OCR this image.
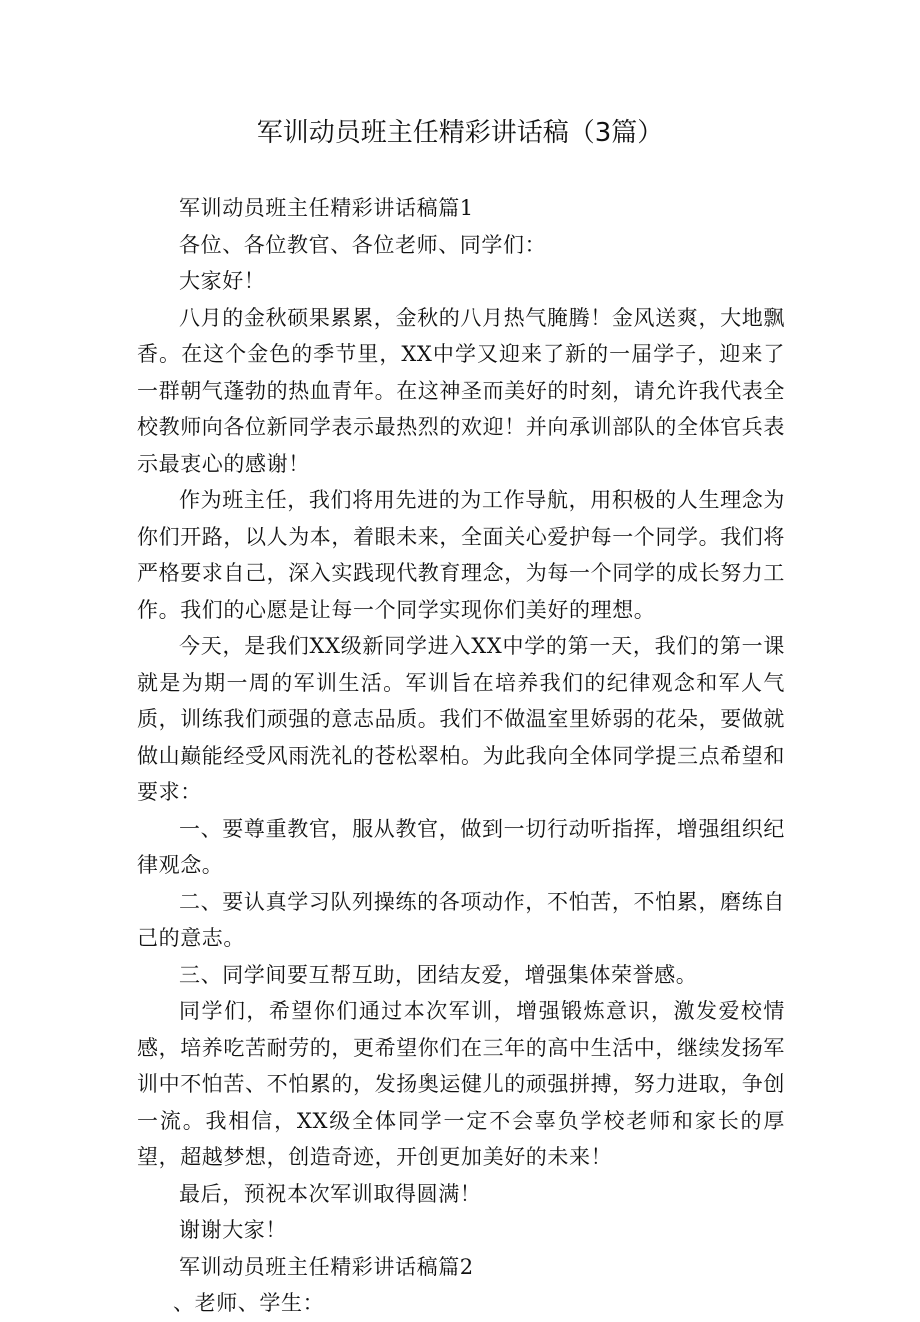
军训动员班主任精彩讲话稿（3篇）

军训动员班主任精彩讲话稿篇1

各位、各位教官、各位老师、同学们：

大家好！

八月的金秋硕果累累，金秋的八月热气腌腾！金风送爽，大地飘香。在这个金色的季节里，XX中学又迎来了新的一届学子，迎来了一群朝气蓬勃的热血青年。在这神圣而美好的时刻，请允许我代表全校教师向各位新同学表示最热烈的欢迎！并向承训部队的全体官兵表示最衷心的感谢！

作为班主任，我们将用先进的为工作导航，用积极的人生理念为你们开路，以人为本，着眼未来，全面关心爱护每一个同学。我们将严格要求自己，深入实践现代教育理念，为每一个同学的成长努力工作。我们的心愿是让每一个同学实现你们美好的理想。

今天，是我们XX级新同学进入XX中学的第一天，我们的第一课就是为期一周的军训生活。军训旨在培养我们的纪律观念和军人气质，训练我们顽强的意志品质。我们不做温室里娇弱的花朵，要做就做山巅能经受风雨洗礼的苍松翠柏。为此我向全体同学提三点希望和要求：

一、要尊重教官，服从教官，做到一切行动听指挥，增强组织纪律观念。

二、要认真学习队列操练的各项动作，不怕苦，不怕累，磨练自己的意志。

三、同学间要互帮互助，团结友爱，增强集体荣誉感。

同学们，希望你们通过本次军训，增强锻炼意识，激发爱校情感，培养吃苦耐劳的，更希望你们在三年的高中生活中，继续发扬军训中不怕苦、不怕累的，发扬奥运健儿的顽强拼搏，努力进取，争创一流。我相信，XX级全体同学一定不会辜负学校老师和家长的厚望，超越梦想，创造奇迹，开创更加美好的未来！

最后，预祝本次军训取得圆满！

谢谢大家！

军训动员班主任精彩讲话稿篇2

、老师、学生：
